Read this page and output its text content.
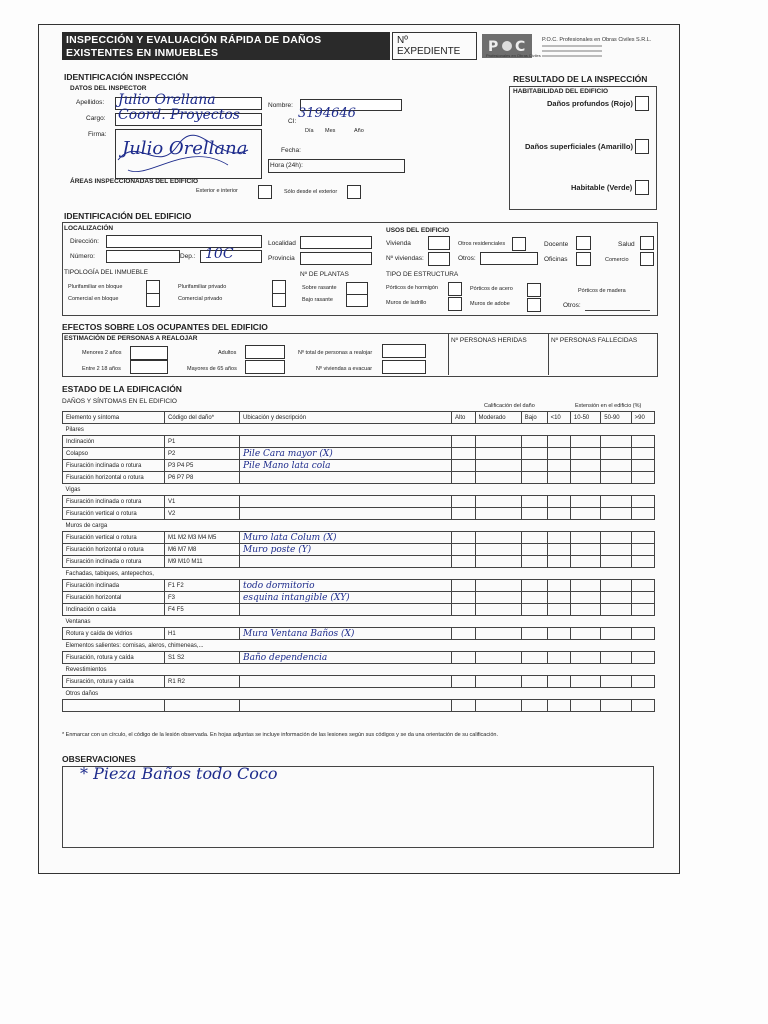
INSPECCIÓN Y EVALUACIÓN RÁPIDA DE DAÑOS
EXISTENTES EN INMUEBLES
Nº EXPEDIENTE	P C
Profesionales en Obras Civiles
P.O.C. Profesionales en Obras Civiles S.R.L.
IDENTIFICACIÓN INSPECCIÓN
DATOS DEL INSPECTOR
Apellidos: Julio Orellana
Cargo: Coord. Proyectos
Firma:
Julio Orellana
Nombre:
CI:
3194646
Día Mes	Año
Fecha:
Hora (24h):
ÁREAS INSPECCIONADAS DEL EDIFICIO
Exterior e interior	Sólo desde el exterior
RESULTADO DE LA INSPECCIÓN
HABITABILIDAD DEL EDIFICIO
Daños profundos (Rojo)
Daños superficiales (Amarillo)
Habitable (Verde)
IDENTIFICACIÓN DEL EDIFICIO
LOCALIZACIÓN
Dirección:
Número:	Dep.: 10C
Localidad
Provincia
USOS DEL EDIFICIO
Vivienda
Nº viviendas:
Otros residenciales
Otros:
Docente
Oficinas
Salud
Comercio
TIPOLOGÍA DEL INMUEBLE
Plurifamiliar en bloque
Comercial en bloque
Plurifamiliar privado
Comercial privado
Nº DE PLANTAS
Sobre rasante
Bajo rasante
TIPO DE ESTRUCTURA
Pórticos de hormigón
Muros de ladrillo
Pórticos de acero
Muros de adobe
Pórticos de madera
Otros:
EFECTOS SOBRE LOS OCUPANTES DEL EDIFICIO
ESTIMACIÓN DE PERSONAS A REALOJAR
Menores 2 años
Entre 2 18 años
Adultos
Mayores de 65 años
Nº total de personas a realojar
Nº viviendas a evacuar
Nº PERSONAS HERIDAS	Nº PERSONAS FALLECIDAS
ESTADO DE LA EDIFICACIÓN
DAÑOS Y SÍNTOMAS EN EL EDIFICIO
Calificación del daño	Extensión en el edificio (%)
Elemento y síntoma	Código del daño*	Ubicación y descripción	Alto	Moderado	Bajo	<10	10-50	50-90	>90
Pilares									
Inclinación	P1								
Colapso	P2	Pile Cara mayor (X)							
Fisuración inclinada o rotura	P3 P4 P5	Pile Mano lata cola							
Fisuración horizontal o rotura	P6 P7 P8								
Vigas									
Fisuración inclinada o rotura	V1								
Fisuración vertical o rotura	V2								
Muros de carga									
Fisuración vertical o rotura	M1 M2 M3 M4 M5	Muro lata Colum (X)							
Fisuración horizontal o rotura	M6 M7 M8	Muro poste (Y)							
Fisuración inclinada o rotura	M9 M10 M11								
Fachadas, tabiques, antepechos,									
Fisuración inclinada	F1 F2	todo dormitorio							
Fisuración horizontal	F3	esquina intangible (XY)							
Inclinación o caída	F4 F5								
Ventanas									
Rotura y caída de vidrios	H1	Mura Ventana Baños (X)							
Elementos salientes: cornisas, aleros, chimeneas,...									
Fisuración, rotura y caída	S1 S2	Baño dependencia							
Revestimientos									
Fisuración, rotura y caída	R1 R2								
Otros daños									

* Enmarcar con un círculo, el código de la lesión observada. En hojas adjuntas se incluye información de las lesiones según sus códigos y se da una orientación de su calificación.
OBSERVACIONES
* Pieza Baños todo Coco
